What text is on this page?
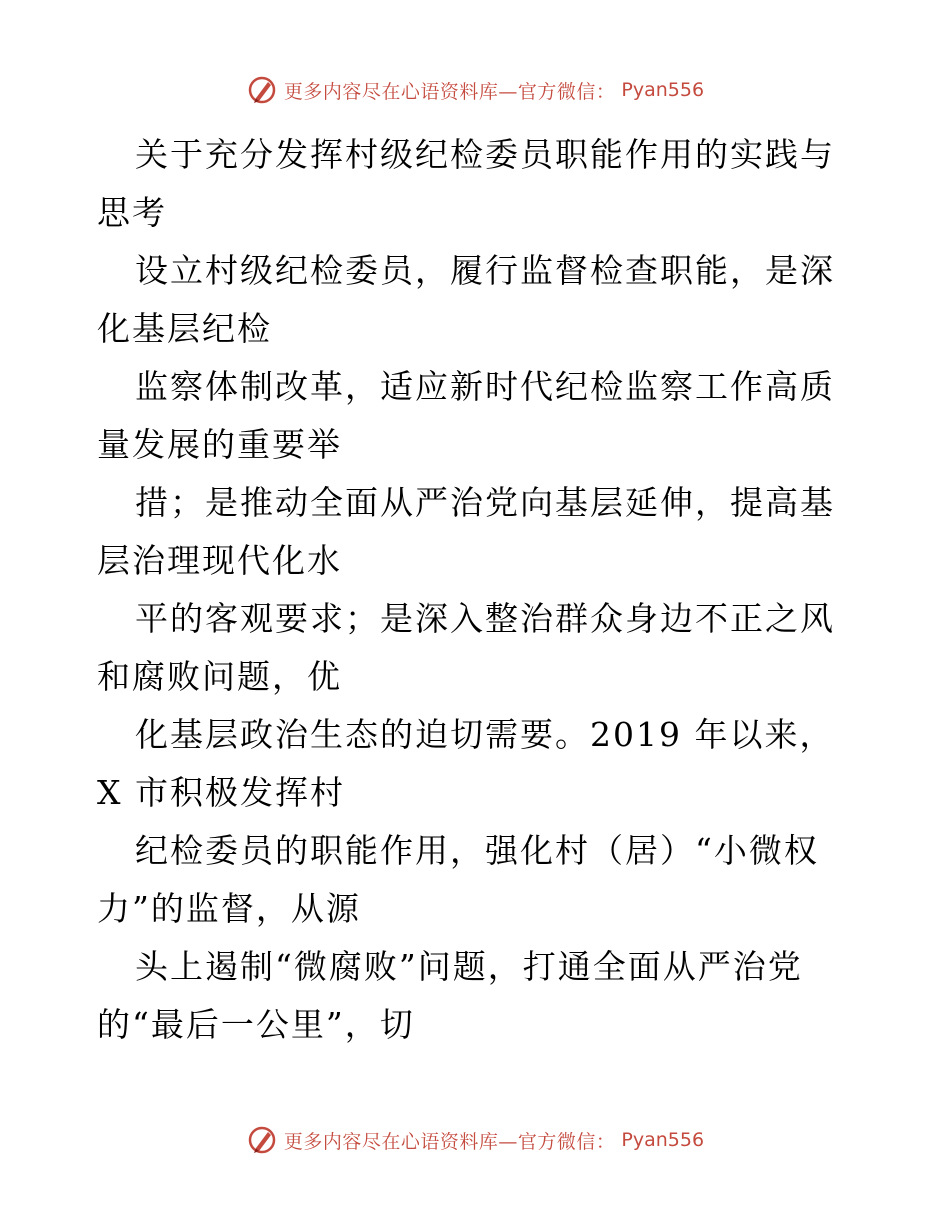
更多内容尽在心语资料库—官方微信： Pyan556

关于充分发挥村级纪检委员职能作用的实践与思考

设立村级纪检委员，履行监督检查职能，是深化基层纪检

监察体制改革，适应新时代纪检监察工作高质量发展的重要举

措；是推动全面从严治党向基层延伸，提高基层治理现代化水

平的客观要求；是深入整治群众身边不正之风和腐败问题，优

化基层政治生态的迫切需要。2019 年以来，X 市积极发挥村

纪检委员的职能作用，强化村（居）“小微权力”的监督，从源

头上遏制“微腐败”问题，打通全面从严治党的“最后一公里”，切

更多内容尽在心语资料库—官方微信： Pyan556
